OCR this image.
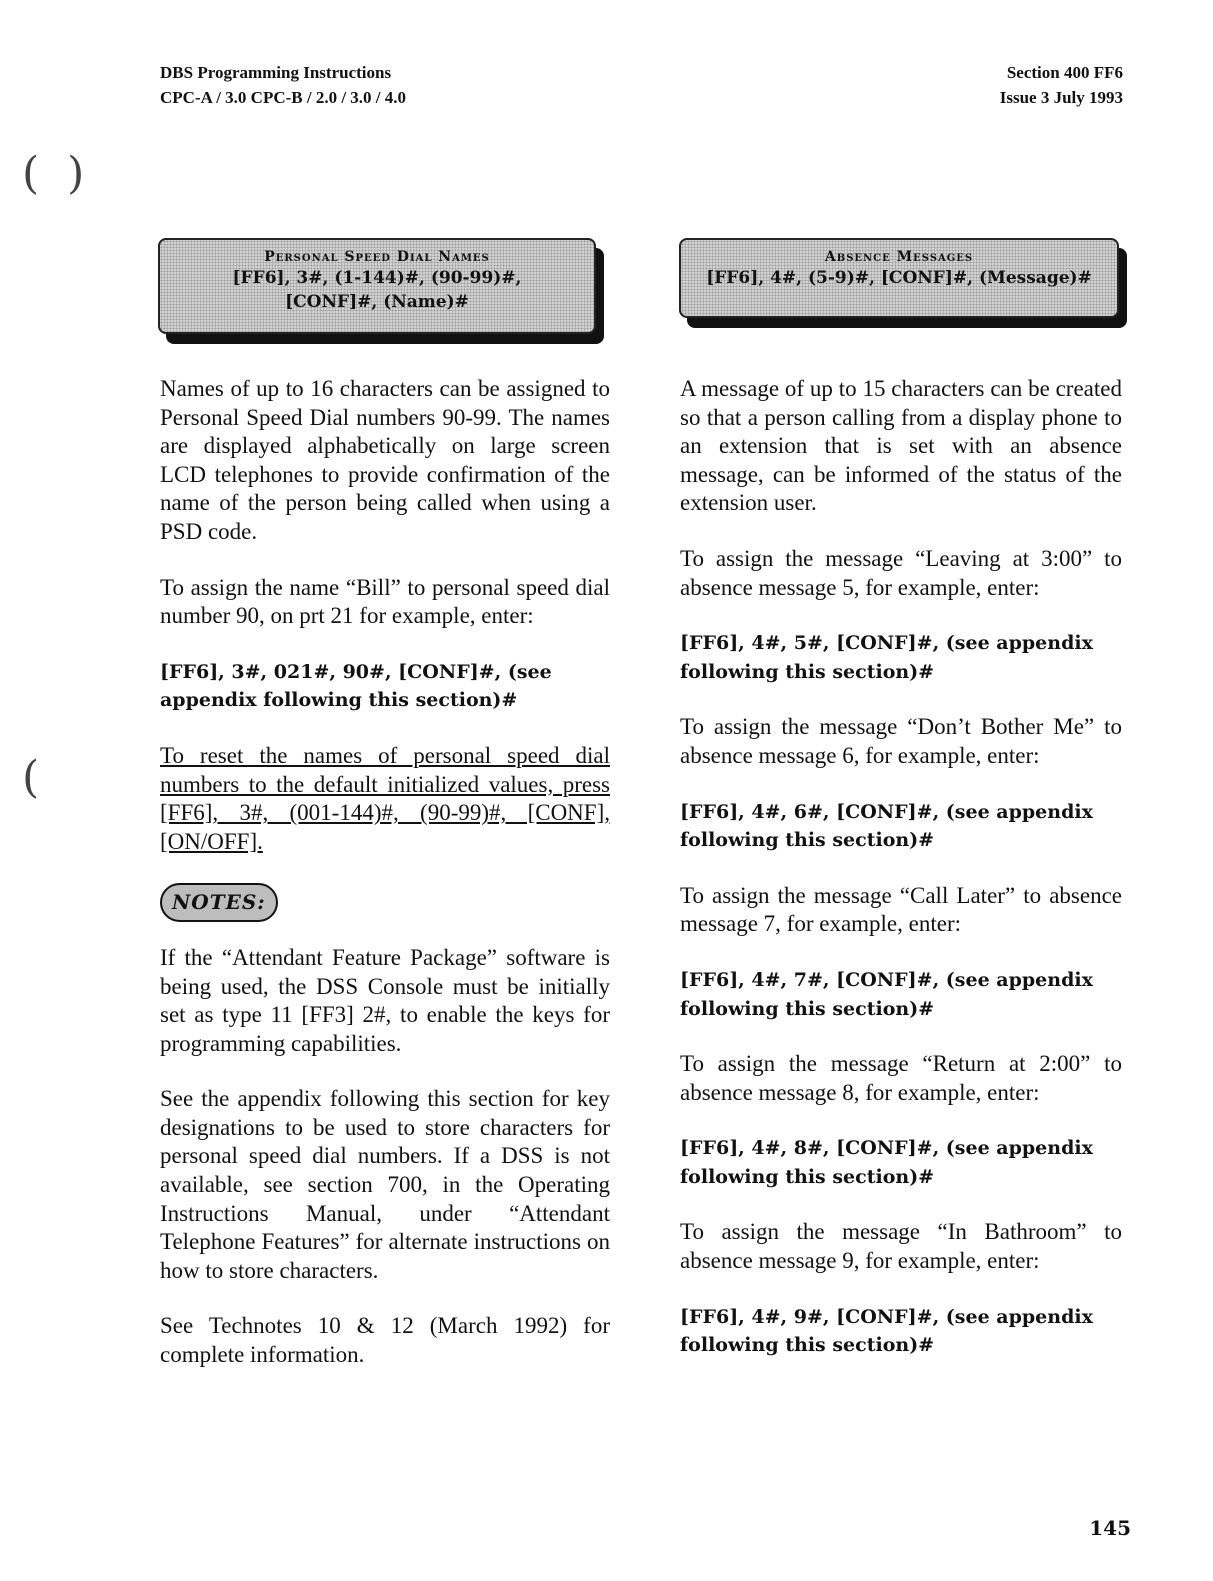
DBS Programming Instructions
CPC-A / 3.0 CPC-B / 2.0 / 3.0 / 4.0
Section 400 FF6
Issue 3 July 1993
(  )
(
Personal Speed Dial Names
[FF6], 3#, (1-144)#, (90-99)#,
[CONF]#, (Name)#
Absence Messages
[FF6], 4#, (5-9)#, [CONF]#, (Message)#

Names of up to 16 characters can be assigned to Personal Speed Dial numbers 90-99. The names are displayed alphabetically on large screen LCD telephones to provide confirmation of the name of the person being called when using a PSD code.

To assign the name “Bill” to personal speed dial number 90, on prt 21 for example, enter:

[FF6], 3#, 021#, 90#, [CONF]#, (see appendix following this section)#

To reset the names of personal speed dial numbers to the default initialized values, press [FF6], 3#, (001-144)#, (90-99)#, [CONF], [ON/OFF].

NOTES:

If the “Attendant Feature Package” software is being used, the DSS Console must be initially set as type 11 [FF3] 2#, to enable the keys for programming capabilities.

See the appendix following this section for key designations to be used to store characters for personal speed dial numbers. If a DSS is not available, see section 700, in the Operating Instructions Manual, under “Attendant Telephone Features” for alternate instructions on how to store characters.

See Technotes 10 & 12 (March 1992) for complete information.

A message of up to 15 characters can be created so that a person calling from a display phone to an extension that is set with an absence message, can be informed of the status of the extension user.

To assign the message “Leaving at 3:00” to absence message 5, for example, enter:

[FF6], 4#, 5#, [CONF]#, (see appendix following this section)#

To assign the message “Don’t Bother Me” to absence message 6, for example, enter:

[FF6], 4#, 6#, [CONF]#, (see appendix following this section)#

To assign the message “Call Later” to absence message 7, for example, enter:

[FF6], 4#, 7#, [CONF]#, (see appendix following this section)#

To assign the message “Return at 2:00” to absence message 8, for example, enter:

[FF6], 4#, 8#, [CONF]#, (see appendix following this section)#

To assign the message “In Bathroom” to absence message 9, for example, enter:

[FF6], 4#, 9#, [CONF]#, (see appendix following this section)#

145
